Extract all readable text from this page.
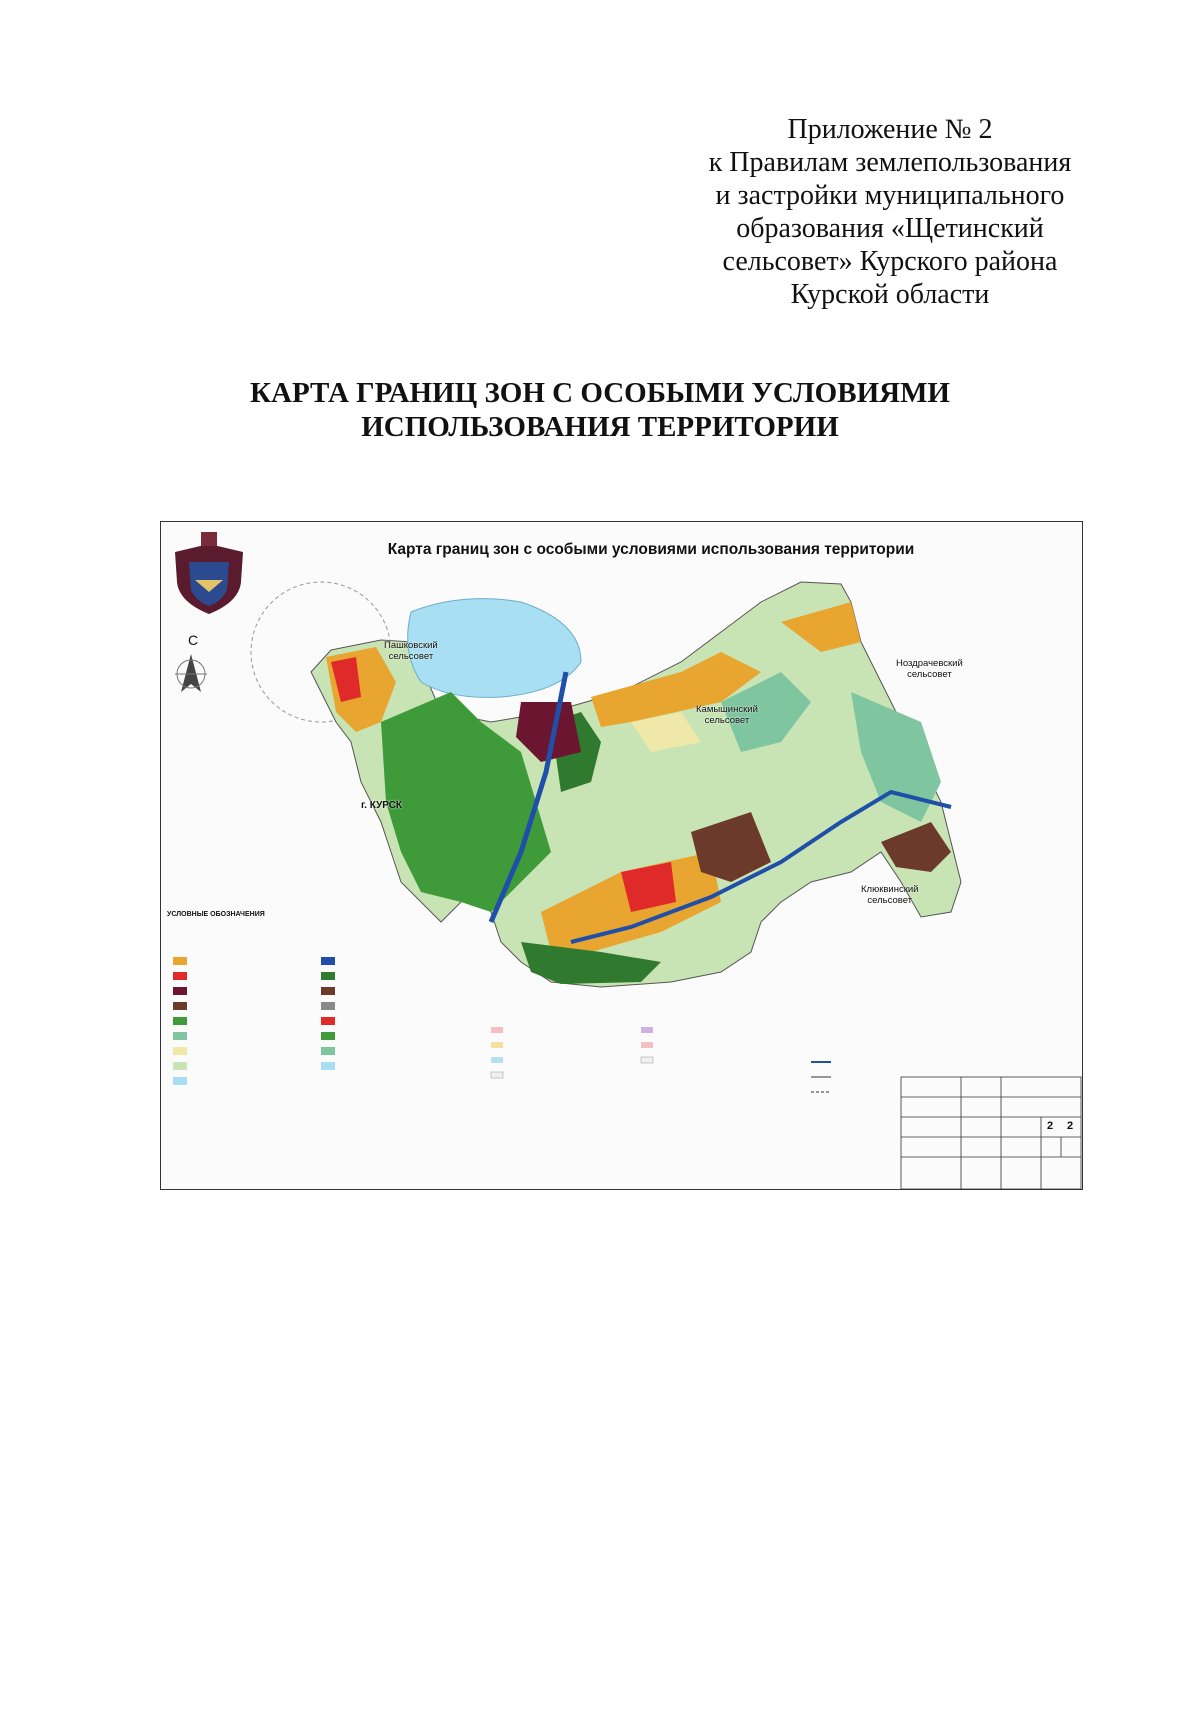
Приложение № 2
к Правилам землепользования
и застройки муниципального
образования «Щетинский
сельсовет» Курского района
Курской области
КАРТА ГРАНИЦ ЗОН С ОСОБЫМИ УСЛОВИЯМИ
ИСПОЛЬЗОВАНИЯ ТЕРРИТОРИИ
Карта границ зон с особыми условиями использования территории
С	Пашковский
сельсовет
Ноздрачевский
сельсовет
Камышинский
сельсовет
Клюквинский
сельсовет
г. КУРСК
УСЛОВНЫЕ ОБОЗНАЧЕНИЯ
2	2
